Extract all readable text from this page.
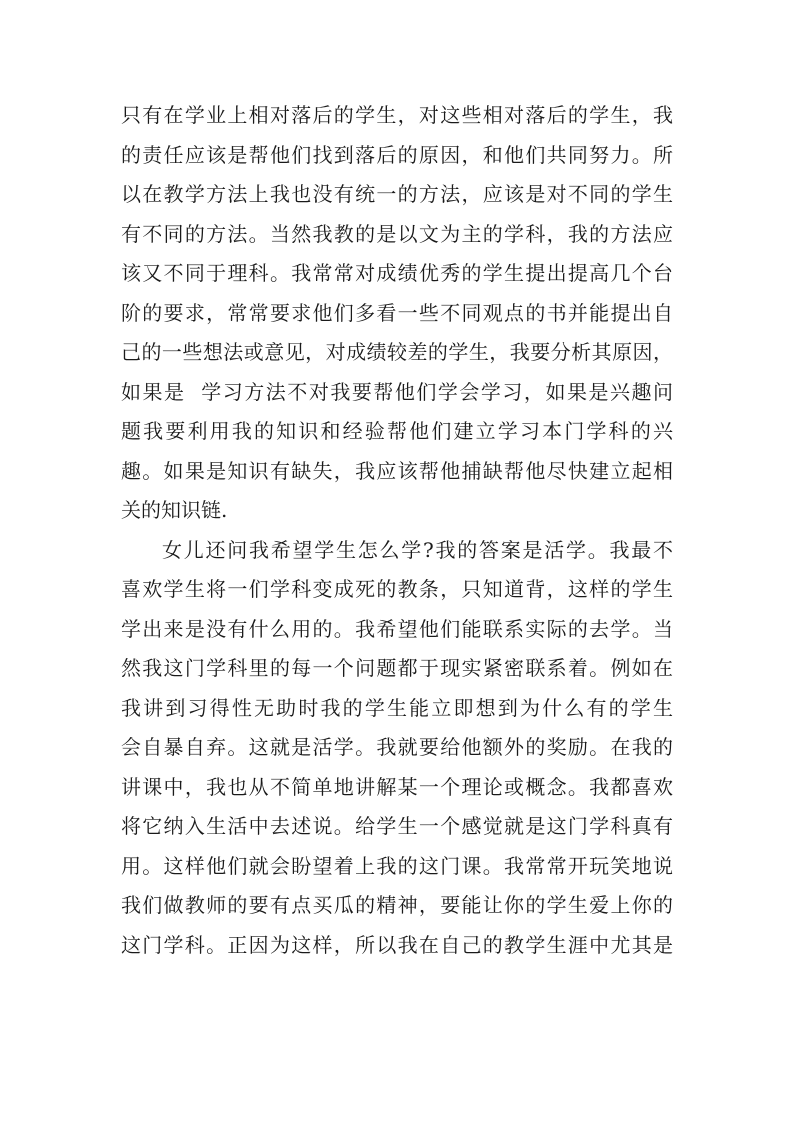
只有在学业上相对落后的学生，对这些相对落后的学生，我
的责任应该是帮他们找到落后的原因，和他们共同努力。所
以在教学方法上我也没有统一的方法，应该是对不同的学生
有不同的方法。当然我教的是以文为主的学科，我的方法应
该又不同于理科。我常常对成绩优秀的学生提出提高几个台
阶的要求，常常要求他们多看一些不同观点的书并能提出自
己的一些想法或意见，对成绩较差的学生，我要分析其原因，
如果是  学习方法不对我要帮他们学会学习，如果是兴趣问
题我要利用我的知识和经验帮他们建立学习本门学科的兴
趣。如果是知识有缺失，我应该帮他捕缺帮他尽快建立起相
关的知识链.
女儿还问我希望学生怎么学?我的答案是活学。我最不
喜欢学生将一们学科变成死的教条，只知道背，这样的学生
学出来是没有什么用的。我希望他们能联系实际的去学。当
然我这门学科里的每一个问题都于现实紧密联系着。例如在
我讲到习得性无助时我的学生能立即想到为什么有的学生
会自暴自弃。这就是活学。我就要给他额外的奖励。在我的
讲课中，我也从不简单地讲解某一个理论或概念。我都喜欢
将它纳入生活中去述说。给学生一个感觉就是这门学科真有
用。这样他们就会盼望着上我的这门课。我常常开玩笑地说
我们做教师的要有点买瓜的精神，要能让你的学生爱上你的
这门学科。正因为这样，所以我在自己的教学生涯中尤其是
